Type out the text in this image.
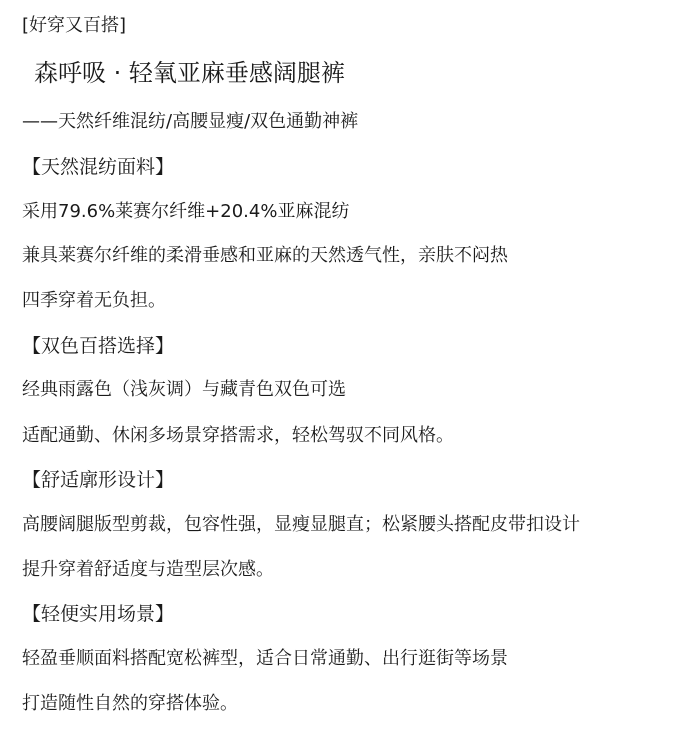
[好穿又百搭]
森呼吸 · 轻氧亚麻垂感阔腿裤
——天然纤维混纺/高腰显瘦/双色通勤神裤
【天然混纺面料】
采用79.6%莱赛尔纤维+20.4%亚麻混纺
兼具莱赛尔纤维的柔滑垂感和亚麻的天然透气性，亲肤不闷热
四季穿着无负担。
【双色百搭选择】
经典雨露色（浅灰调）与藏青色双色可选
适配通勤、休闲多场景穿搭需求，轻松驾驭不同风格。
【舒适廓形设计】
高腰阔腿版型剪裁，包容性强，显瘦显腿直；松紧腰头搭配皮带扣设计
提升穿着舒适度与造型层次感。
【轻便实用场景】
轻盈垂顺面料搭配宽松裤型，适合日常通勤、出行逛街等场景
打造随性自然的穿搭体验。
